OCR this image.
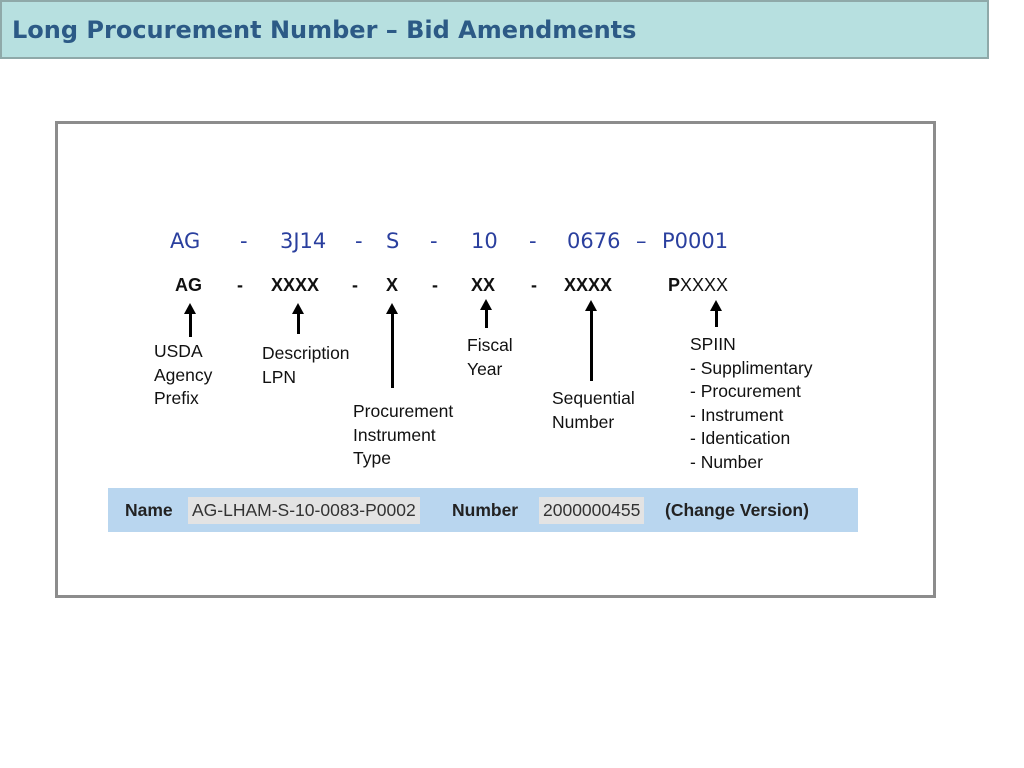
Long Procurement Number – Bid Amendments
AG - 3J14 - S - 10 - 0676 – P0001
AG - XXXX - X - XX - XXXX	PXXXX
USDA
Agency
Prefix
Description
LPN
Procurement
Instrument
Type
Fiscal
Year
Sequential
Number
SPIIN
- Supplimentary
- Procurement
- Instrument
- Identication
- Number
Name AG-LHAM-S-10-0083-P0002 Number 2000000455 (Change Version)
